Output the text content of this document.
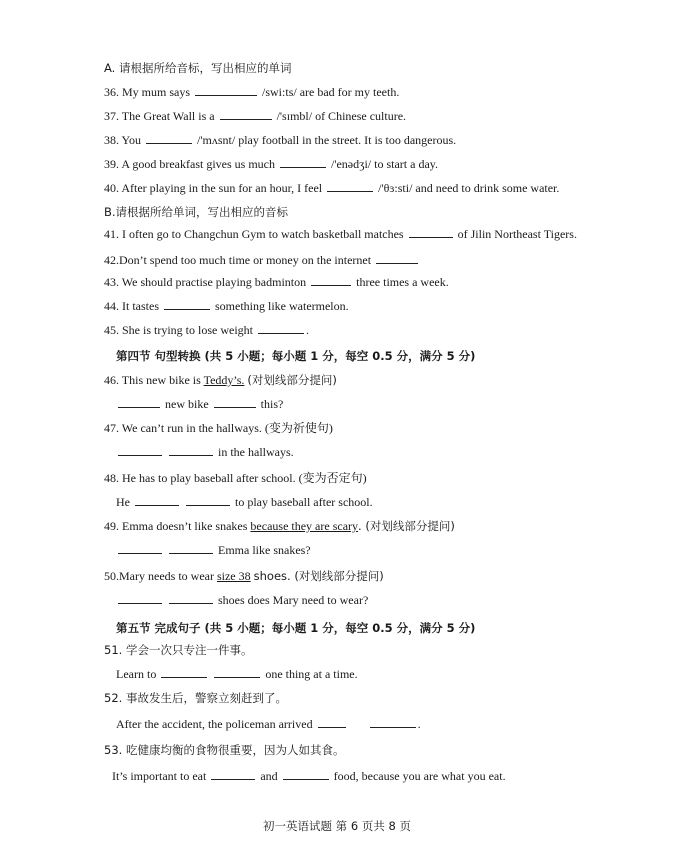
A. 请根据所给音标，写出相应的单词
36. My mum says	/swi:ts/ are bad for my teeth.
37. The Great Wall is a	/'sɪmbl/ of Chinese culture.
38. You	/'mʌsnt/ play football in the street. It is too dangerous.
39. A good breakfast gives us much	/'enədʒi/ to start a day.
40. After playing in the sun for an hour, I feel	/'θɜ:sti/ and need to drink some water.
B.请根据所给单词，写出相应的音标
41. I often go to Changchun Gym to watch basketball matches	of Jilin Northeast Tigers.
42.Don’t spend too much time or money on the internet
43. We should practise playing badminton	three times a week.
44. It tastes	something like watermelon.
45. She is trying to lose weight	.
第四节 句型转换 (共 5 小题；每小题 1 分，每空 0.5 分，满分 5 分)
46. This new bike is Teddy’s. (对划线部分提问)
new bike	this?
47. We can’t run in the hallways. (变为祈使句)
in the hallways.
48. He has to play baseball after school. (变为否定句)
He	to play baseball after school.
49. Emma doesn’t like snakes because they are scary. (对划线部分提问)
Emma like snakes?
50.Mary needs to wear size 38 shoes. (对划线部分提问)
shoes does Mary need to wear?
第五节 完成句子 (共 5 小题；每小题 1 分，每空 0.5 分，满分 5 分)
51. 学会一次只专注一件事。
Learn to	one thing at a time.
52. 事故发生后，警察立刻赶到了。
After the accident, the policeman arrived	.
53. 吃健康均衡的食物很重要，因为人如其食。
It’s important to eat	and	food, because you are what you eat.
初一英语试题 第 6 页共 8 页
